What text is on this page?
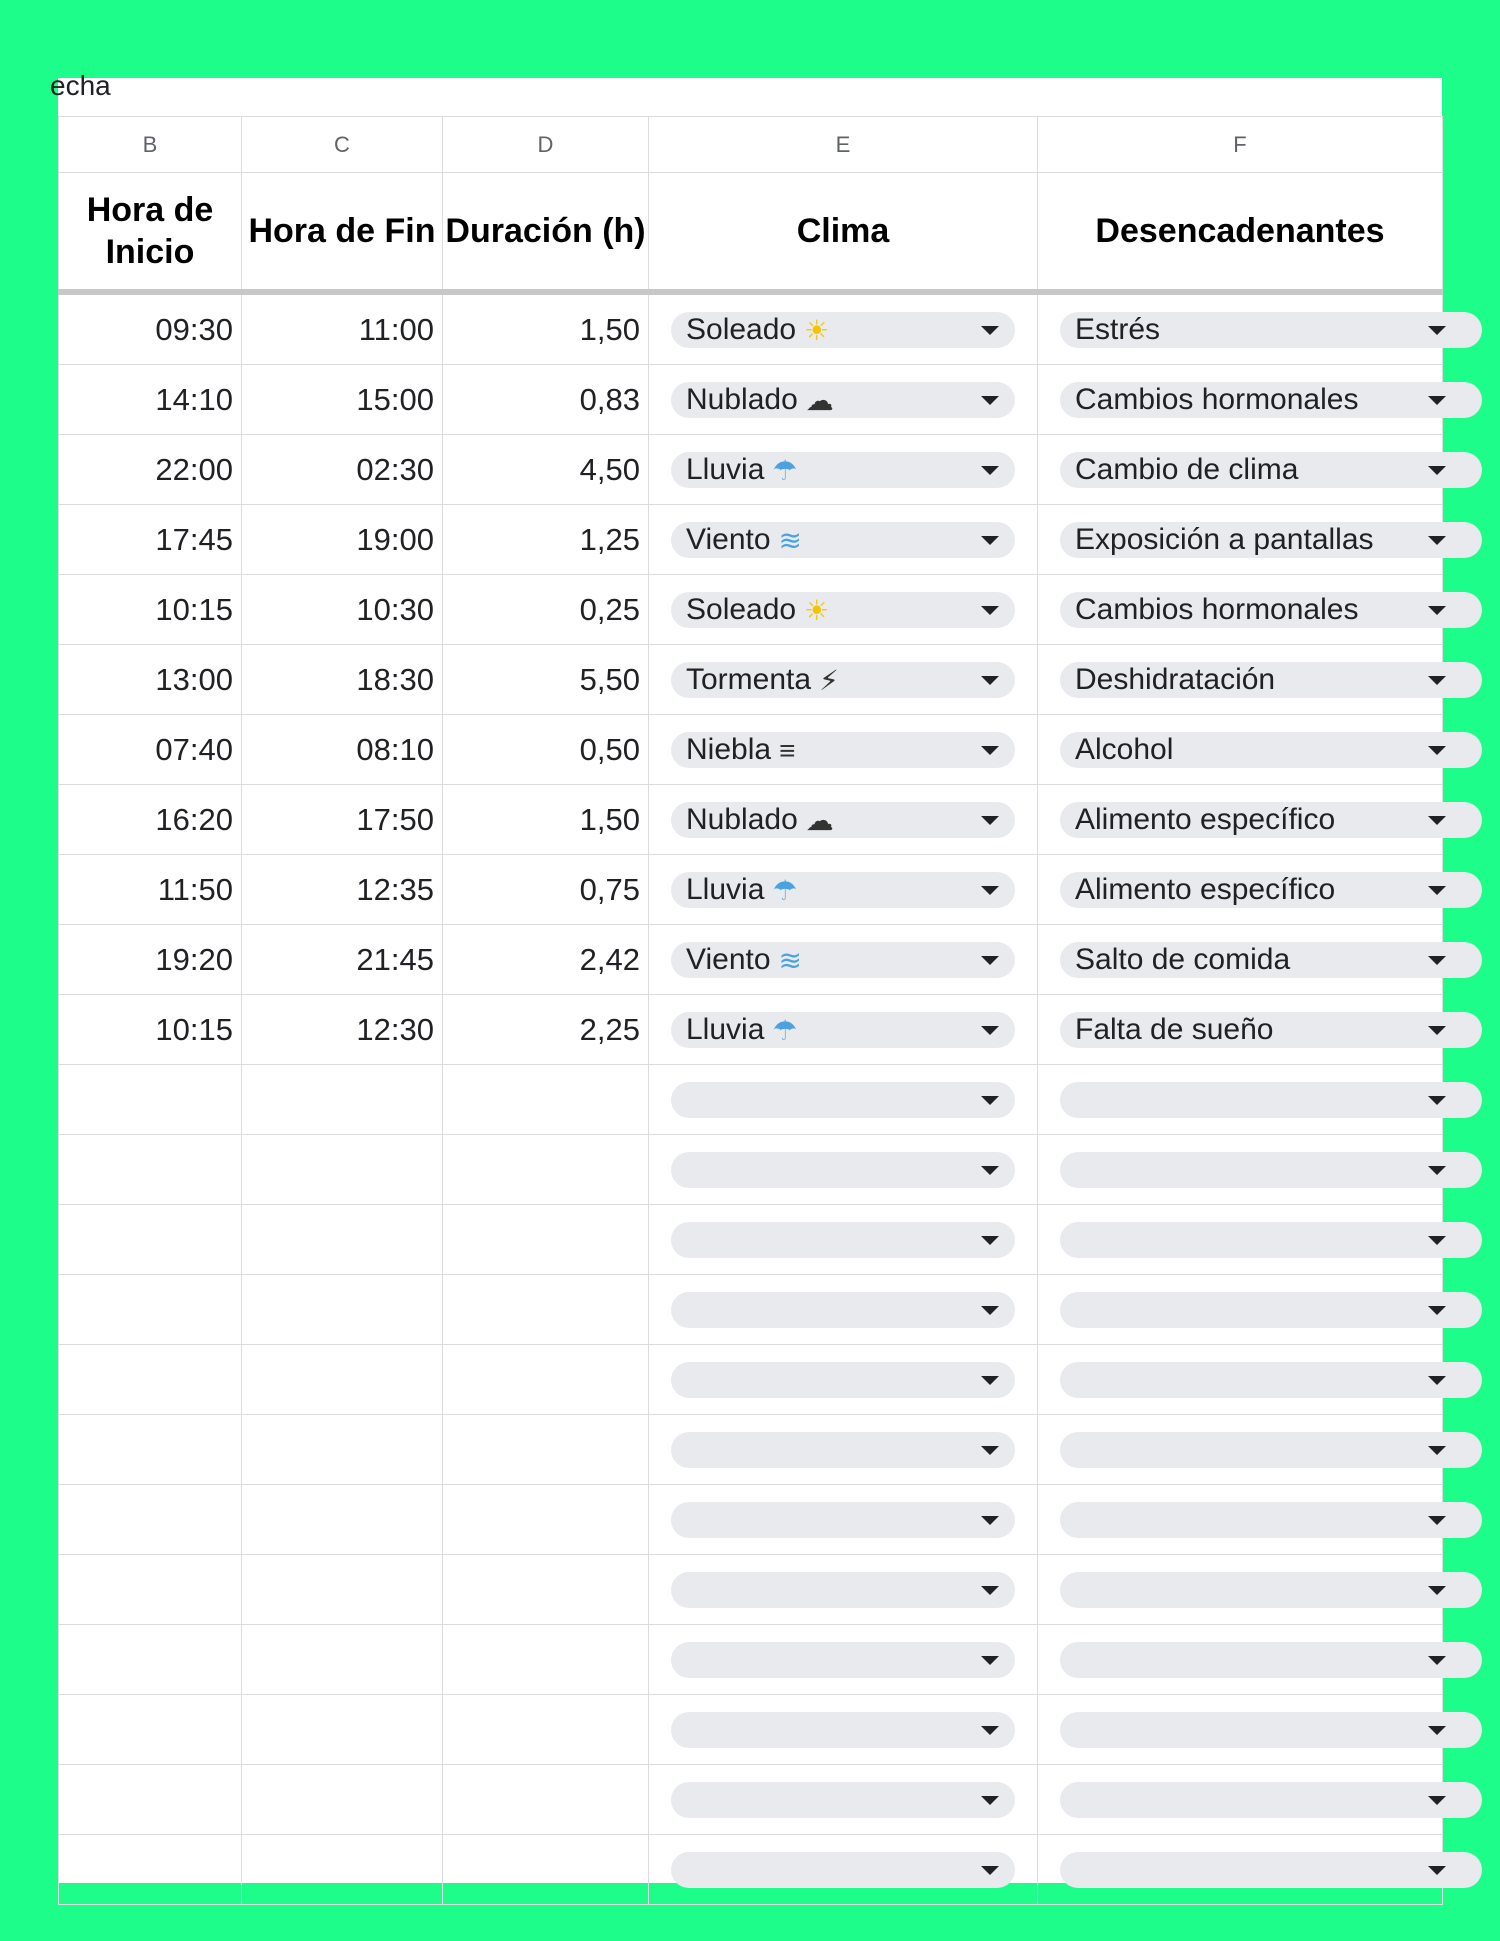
echa
B	C	D	E	F
Hora de Inicio	Hora de Fin	Duración (h)	Clima	Desencadenantes
09:30	11:00	1,50	Soleado ☀	Estrés

14:10	15:00	0,83	Nublado ☁	Cambios hormonales

22:00	02:30	4,50	Lluvia ☂	Cambio de clima

17:45	19:00	1,25	Viento ≋	Exposición a pantallas

10:15	10:30	0,25	Soleado ☀	Cambios hormonales

13:00	18:30	5,50	Tormenta ⚡	Deshidratación

07:40	08:10	0,50	Niebla ≡	Alcohol

16:20	17:50	1,50	Nublado ☁	Alimento específico

11:50	12:35	0,75	Lluvia ☂	Alimento específico

19:20	21:45	2,42	Viento ≋	Salto de comida

10:15	12:30	2,25	Lluvia ☂	Falta de sueño
